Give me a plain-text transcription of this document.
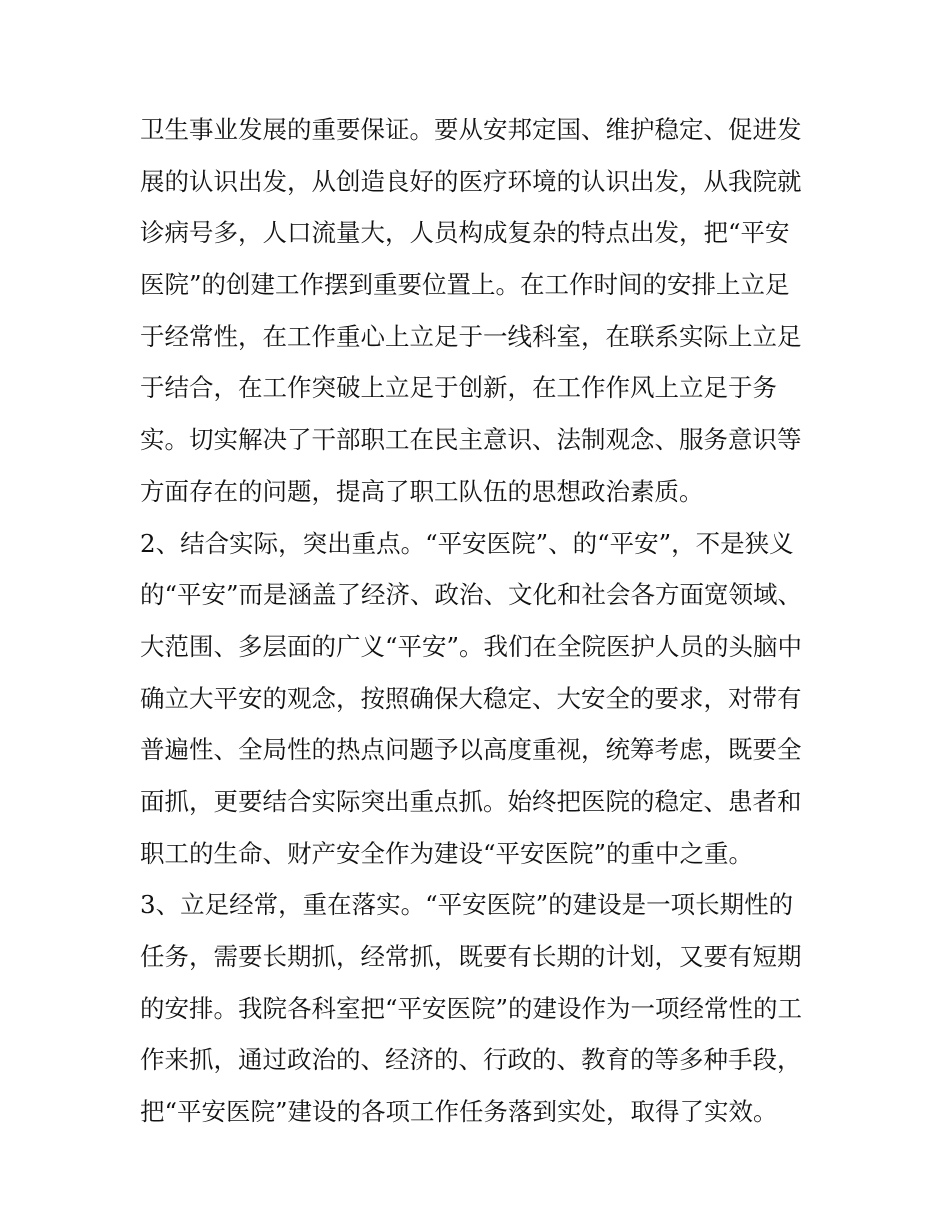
卫生事业发展的重要保证。要从安邦定国、维护稳定、促进发
展的认识出发，从创造良好的医疗环境的认识出发，从我院就
诊病号多，人口流量大，人员构成复杂的特点出发，把“平安
医院”的创建工作摆到重要位置上。在工作时间的安排上立足
于经常性，在工作重心上立足于一线科室，在联系实际上立足
于结合，在工作突破上立足于创新，在工作作风上立足于务
实。切实解决了干部职工在民主意识、法制观念、服务意识等
方面存在的问题，提高了职工队伍的思想政治素质。
2、结合实际，突出重点。“平安医院”、的“平安”，不是狭义
的“平安”而是涵盖了经济、政治、文化和社会各方面宽领域、
大范围、多层面的广义“平安”。我们在全院医护人员的头脑中
确立大平安的观念，按照确保大稳定、大安全的要求，对带有
普遍性、全局性的热点问题予以高度重视，统筹考虑，既要全
面抓，更要结合实际突出重点抓。始终把医院的稳定、患者和
职工的生命、财产安全作为建设“平安医院”的重中之重。
3、立足经常，重在落实。“平安医院”的建设是一项长期性的
任务，需要长期抓，经常抓，既要有长期的计划，又要有短期
的安排。我院各科室把“平安医院”的建设作为一项经常性的工
作来抓，通过政治的、经济的、行政的、教育的等多种手段，
把“平安医院”建设的各项工作任务落到实处，取得了实效。
